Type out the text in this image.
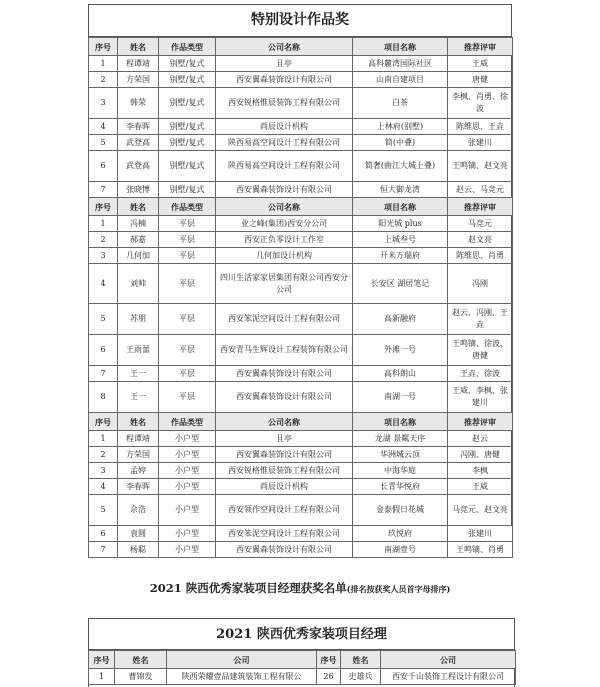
特别设计作品奖
序号	姓名	作品类型	公司名称	项目名称	推荐评审
1	程谭靖	别墅/复式	且亭	高科麓湾国际社区	王威
2	方荣国	别墅/复式	西安翼森装饰设计有限公司	山南自建项目	唐健
3	韩荣	别墅/复式	西安锐格惟辰装饰工程有限公司	白茶	李枫、肖勇、徐波
4	李春晖	别墅/复式	尚辰设计机构	上林府(别墅)	陈维思、王垚
5	武登高	别墅/复式	陕西易高空间设计工程有限公司	简(中叠)	张建川
6	武登高	别墅/复式	陕西易高空间设计工程有限公司	简奢(曲江大城上叠)	王鸣镝、赵文亮
7	张晓博	别墅/复式	西安翼森装饰设计有限公司	恒大御龙湾	赵云、马竞元
序号	姓名	作品类型	公司名称	项目名称	推荐评审
1	冯楠	平层	业之峰(集团)西安分公司	阳光城 plus	马竞元
2	郝嘉	平层	西安正负零设计工作室	上城叁号	赵文亮
3	几何加	平层	几何加设计机构	开米万瑞府	陈维思、肖勇
4	刘帅	平层	四川生活家家居集团有限公司西安分公司	长安区 湖居笔记	冯刚
5	苏朋	平层	西安笨泥空间设计工程有限公司	高新融府	赵云、冯刚、王垚
6	王雨蕾	平层	西安青马生辉设计工程装饰有限公司	外滩一号	王鸣镝、徐波、唐健
7	王一	平层	西安翼森装饰设计有限公司	高科朗山	王垚、徐波
8	王一	平层	西安翼森装饰设计有限公司	南湖一号	王威、李枫、张建川
序号	姓名	作品类型	公司名称	项目名称	推荐评审
1	程谭靖	小户型	且亭	龙湖 景粼天序	赵云
2	方荣国	小户型	西安翼森装饰设计有限公司	华洲城云顶	冯刚、唐健
3	孟婷	小户型	西安锐格惟辰装饰工程有限公司	中海华庭	李枫
4	李春晖	小户型	尚辰设计机构	长青华悦府	王威
5	佘浩	小户型	西安领作空间设计工程有限公司	金泰假日花城	马竞元、赵文亮
6	袁圆	小户型	西安笨泥空间设计工程有限公司	玖悦府	张建川
7	杨聪	小户型	西安翼森装饰设计有限公司	南湖壹号	王鸣镝、肖勇
2021 陕西优秀家装项目经理获奖名单(排名按获奖人员首字母排序)
2021 陕西优秀家装项目经理
序号	姓名	公司	序号	姓名	公司
1	曹锦发	陕西荣耀壹品建筑装饰工程有限公	26	史雄兵	西安千山装饰工程设计有限公司
